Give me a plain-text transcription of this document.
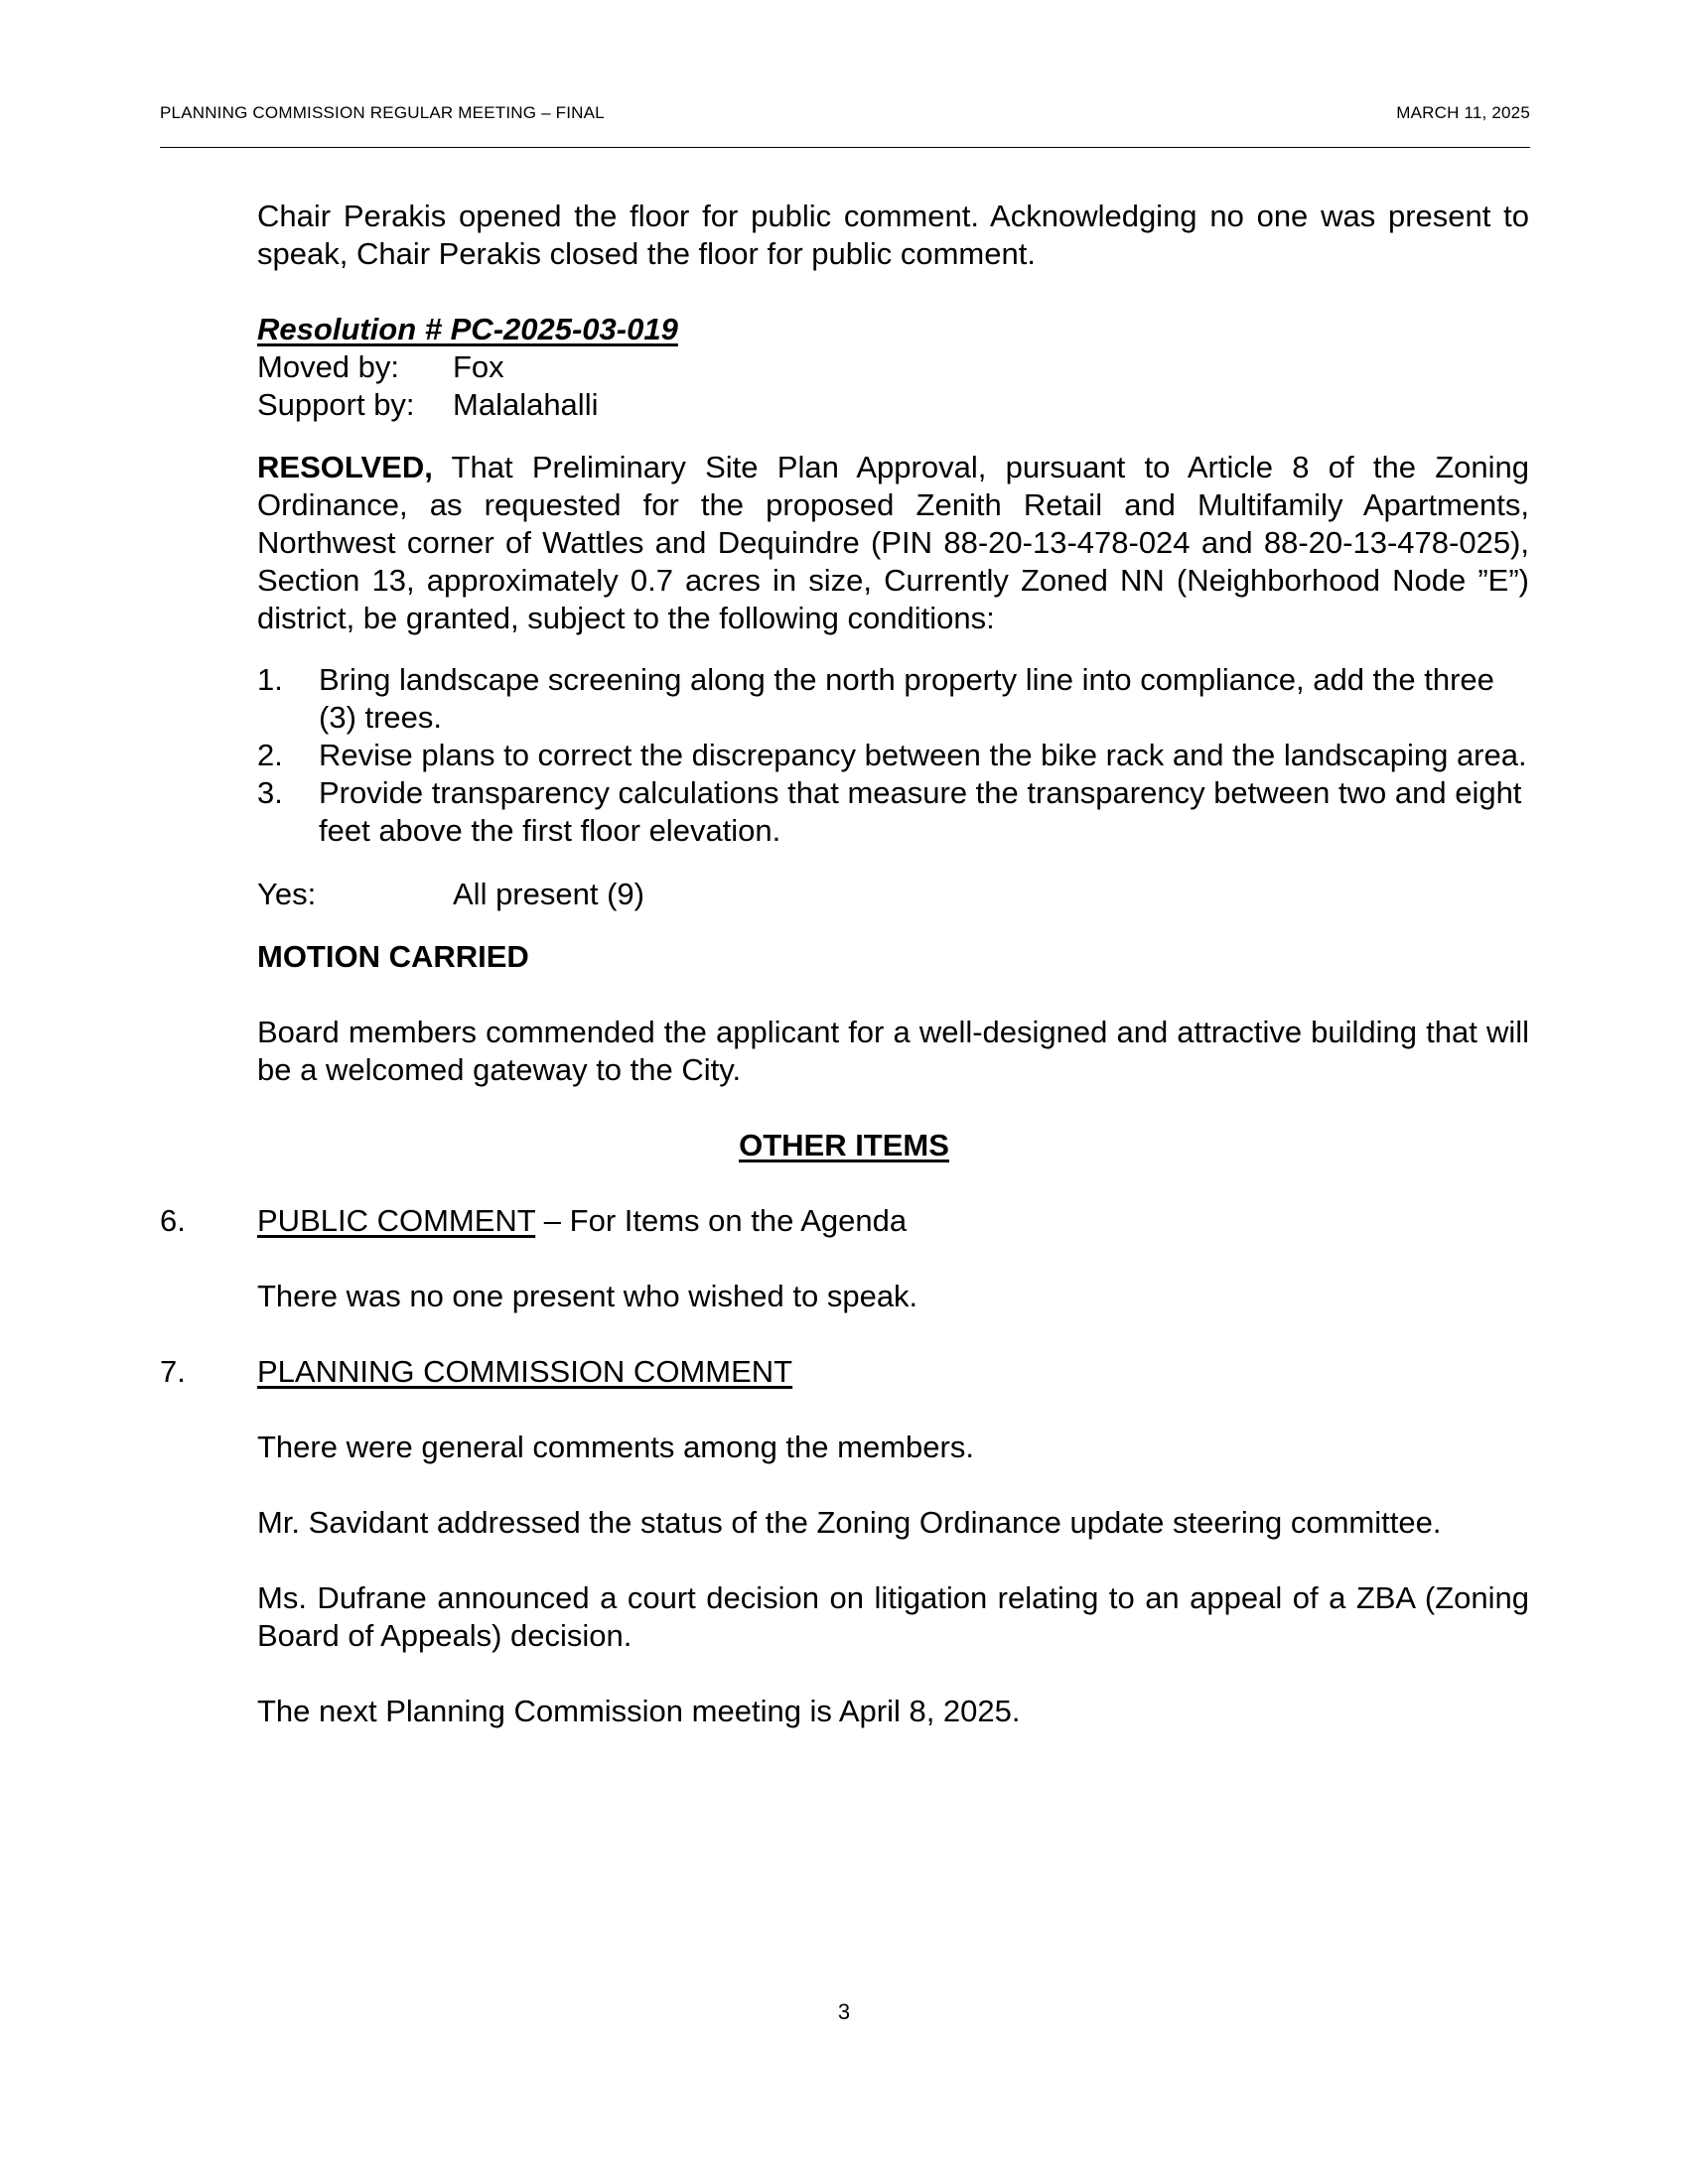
PLANNING COMMISSION REGULAR MEETING – FINAL	MARCH 11, 2025

Chair Perakis opened the floor for public comment. Acknowledging no one was present to speak, Chair Perakis closed the floor for public comment.

Resolution # PC-2025-03-019
Moved by: Fox
Support by: Malalahalli

RESOLVED, That Preliminary Site Plan Approval, pursuant to Article 8 of the Zoning Ordinance, as requested for the proposed Zenith Retail and Multifamily Apartments, Northwest corner of Wattles and Dequindre (PIN 88-20-13-478-024 and 88-20-13-478-025), Section 13, approximately 0.7 acres in size, Currently Zoned NN (Neighborhood Node ”E”) district, be granted, subject to the following conditions:

1. Bring landscape screening along the north property line into compliance, add the three (3) trees.
2. Revise plans to correct the discrepancy between the bike rack and the landscaping area.
3. Provide transparency calculations that measure the transparency between two and eight feet above the first floor elevation.
Yes:	All present (9)
MOTION CARRIED

Board members commended the applicant for a well-designed and attractive building that will be a welcomed gateway to the City.

OTHER ITEMS
6. PUBLIC COMMENT – For Items on the Agenda

There was no one present who wished to speak.

7. PLANNING COMMISSION COMMENT

There were general comments among the members.

Mr. Savidant addressed the status of the Zoning Ordinance update steering committee.

Ms. Dufrane announced a court decision on litigation relating to an appeal of a ZBA (Zoning Board of Appeals) decision.

The next Planning Commission meeting is April 8, 2025.

3
